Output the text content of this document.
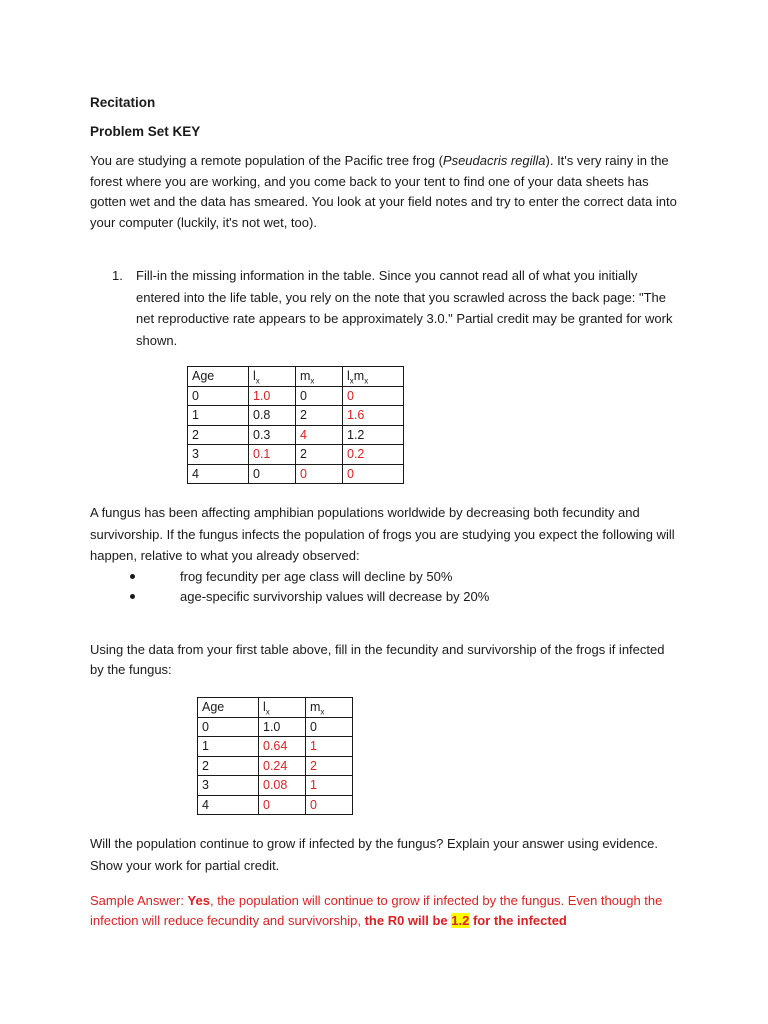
Recitation
Problem Set KEY

You are studying a remote population of the Pacific tree frog (Pseudacris regilla). It's very rainy in the forest where you are working, and you come back to your tent to find one of your data sheets has gotten wet and the data has smeared. You look at your field notes and try to enter the correct data into your computer (luckily, it's not wet, too).

1. Fill-in the missing information in the table. Since you cannot read all of what you initially entered into the life table, you rely on the note that you scrawled across the back page: "The net reproductive rate appears to be approximately 3.0." Partial credit may be granted for work shown.
Age	$l_x$	$m_x$	$l_xm_x$
0	1.0	0	0
1	0.8	2	1.6
2	0.3	4	1.2
3	0.1	2	0.2
4	0	0	0

A fungus has been affecting amphibian populations worldwide by decreasing both fecundity and survivorship. If the fungus infects the population of frogs you are studying you expect the following will happen, relative to what you already observed:

frog fecundity per age class will decline by 50%
age-specific survivorship values will decrease by 20%

Using the data from your first table above, fill in the fecundity and survivorship of the frogs if infected by the fungus:

Age	$l_x$	$m_x$
0	1.0	0
1	0.64	1
2	0.24	2
3	0.08	1
4	0	0

Will the population continue to grow if infected by the fungus? Explain your answer using evidence. Show your work for partial credit.

Sample Answer: Yes, the population will continue to grow if infected by the fungus. Even though the infection will reduce fecundity and survivorship, the R0 will be 1.2 for the infected
